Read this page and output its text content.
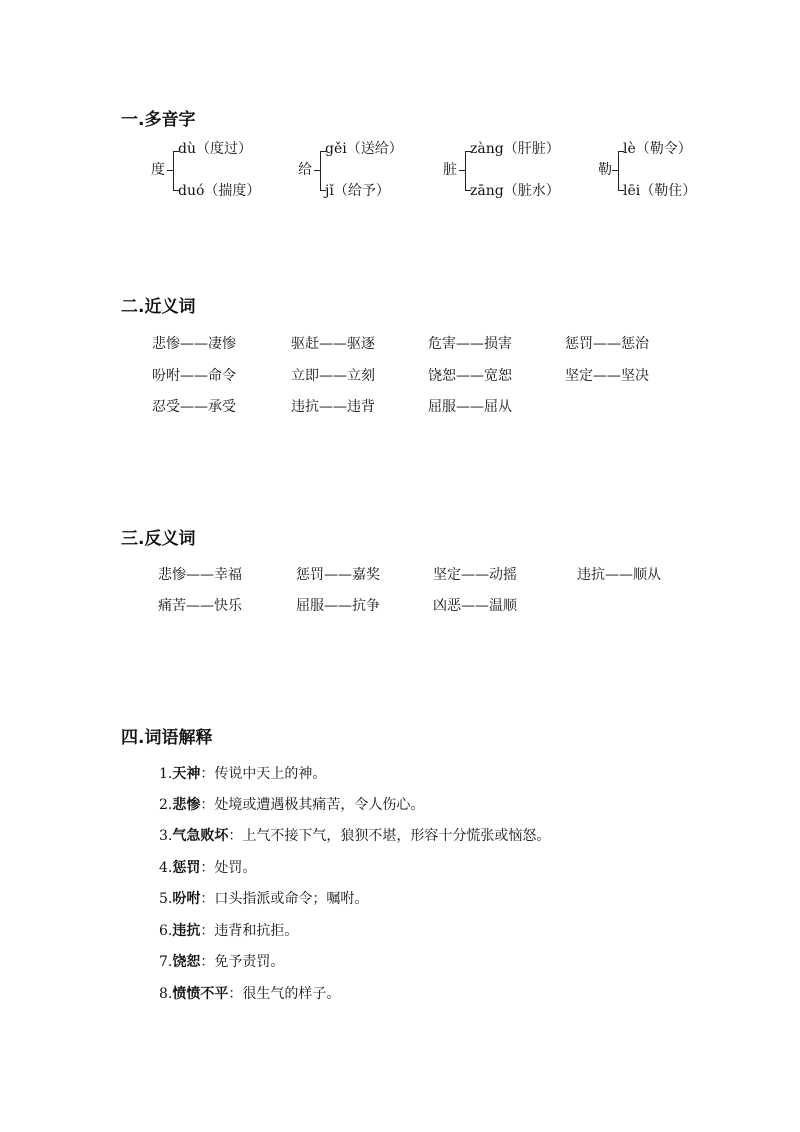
一.多音字
度
dù（度过）
duó（揣度）
给
gěi（送给）
jǐ（给予）
脏
zàng（肝脏）
zāng（脏水）
勒
lè（勒令）
lēi（勒住）
二.近义词
悲惨——凄惨	驱赶——驱逐	危害——损害	惩罚——惩治
吩咐——命令	立即——立刻	饶恕——宽恕	坚定——坚决
忍受——承受	违抗——违背	屈服——屈从
三.反义词
悲惨——幸福	惩罚——嘉奖	坚定——动摇	违抗——顺从
痛苦——快乐	屈服——抗争	凶恶——温顺
四.词语解释
1.天神：传说中天上的神。
2.悲惨：处境或遭遇极其痛苦，令人伤心。
3.气急败坏：上气不接下气，狼狈不堪，形容十分慌张或恼怒。
4.惩罚：处罚。
5.吩咐：口头指派或命令；嘱咐。
6.违抗：违背和抗拒。
7.饶恕：免予责罚。
8.愤愤不平：很生气的样子。
